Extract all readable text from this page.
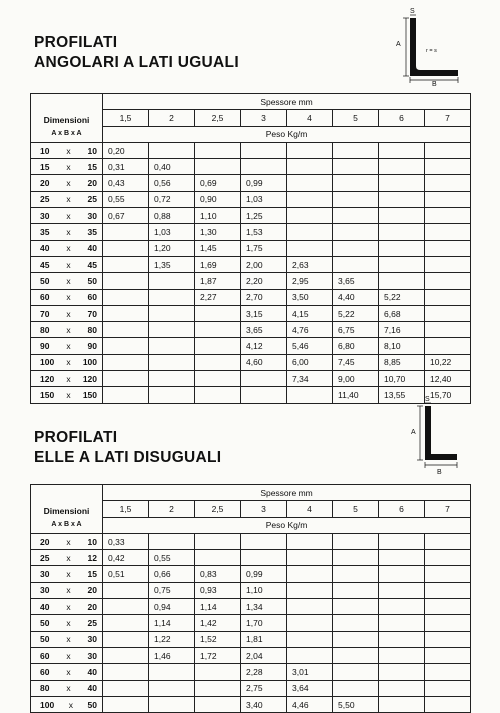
PROFILATI
ANGOLARI A LATI UGUALI
S
A
B
r = s
Dimensioni	Spessore mm							
	1,5	2	2,5	3	4	5	6	7
A x B x A	Peso Kg/m							

10 x 10	0,20							

15 x 15	0,31	0,40						

20 x 20	0,43	0,56	0,69	0,99				

25 x 25	0,55	0,72	0,90	1,03				

30 x 30	0,67	0,88	1,10	1,25				

35 x 35		1,03	1,30	1,53				

40 x 40		1,20	1,45	1,75				

45 x 45		1,35	1,69	2,00	2,63			

50 x 50			1,87	2,20	2,95	3,65		

60 x 60			2,27	2,70	3,50	4,40	5,22	

70 x 70				3,15	4,15	5,22	6,68	

80 x 80				3,65	4,76	6,75	7,16	

90 x 90				4,12	5,46	6,80	8,10	

100 x 100				4,60	6,00	7,45	8,85	10,22

120 x 120					7,34	9,00	10,70	12,40

150 x 150						11,40	13,55	15,70
PROFILATI
ELLE A LATI DISUGUALI
S
A
B
Dimensioni	Spessore mm							
	1,5	2	2,5	3	4	5	6	7
A x B x A	Peso Kg/m							

20 x 10	0,33							

25 x 12	0,42	0,55						

30 x 15	0,51	0,66	0,83	0,99				

30 x 20		0,75	0,93	1,10				

40 x 20		0,94	1,14	1,34				

50 x 25		1,14	1,42	1,70				

50 x 30		1,22	1,52	1,81				

60 x 30		1,46	1,72	2,04				

60 x 40				2,28	3,01			

80 x 40				2,75	3,64			

100 x 50				3,40	4,46	5,50		
